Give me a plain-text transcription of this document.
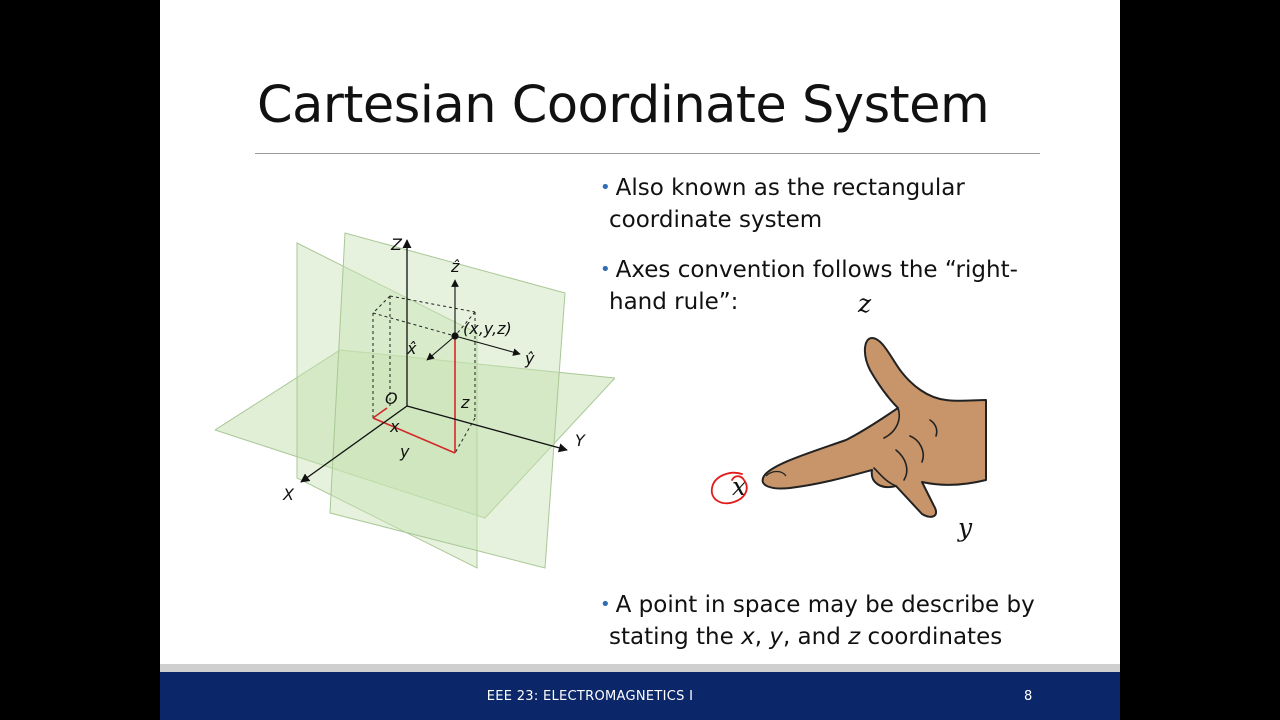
Cartesian Coordinate System
• Also known as the rectangular
coordinate system
• Axes convention follows the “right-
hand rule”:
• A point in space may be describe by
stating the x, y, and z coordinates
Z
Y
X
O
ẑ
ŷ
x̂
(x,y,z)
z
x
y
z
x
y
EEE 23: ELECTROMAGNETICS I	8
